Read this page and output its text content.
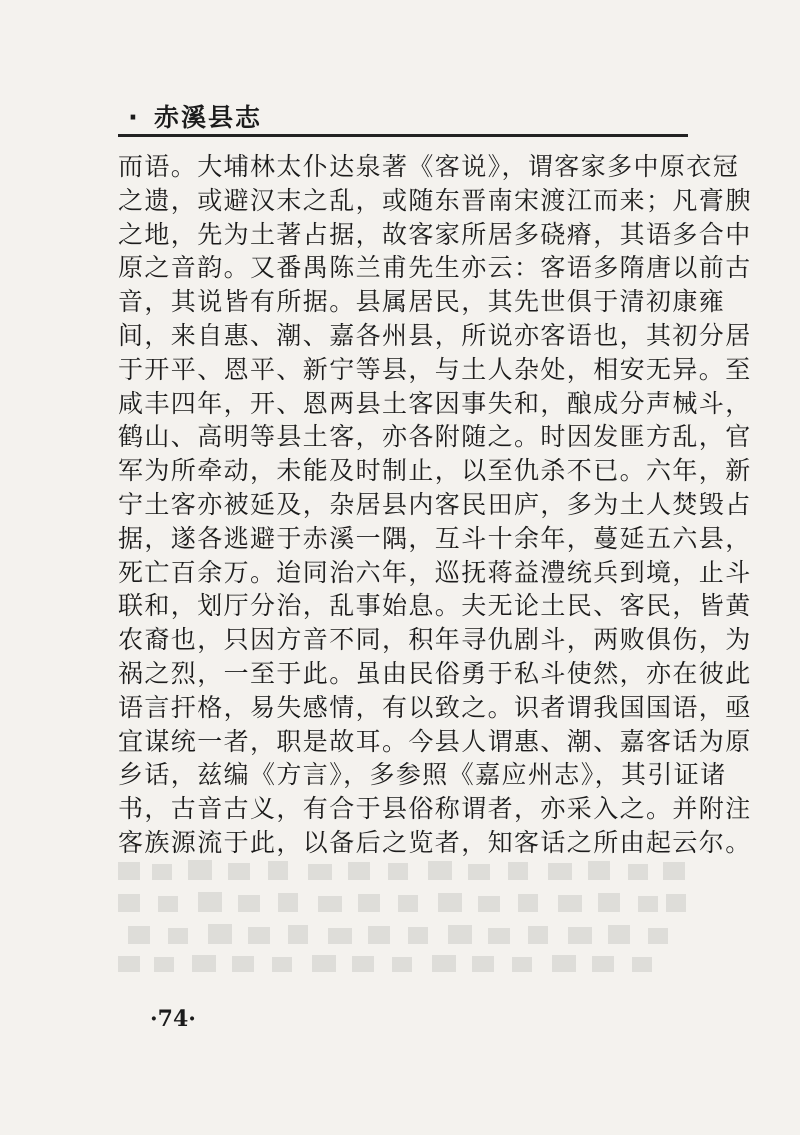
· 赤溪县志
而语。大埔林太仆达泉著《客说》，谓客家多中原衣冠
之遗，或避汉末之乱，或随东晋南宋渡江而来；凡膏腴
之地，先为土著占据，故客家所居多硗瘠，其语多合中
原之音韵。又番禺陈兰甫先生亦云：客语多隋唐以前古
音，其说皆有所据。县属居民，其先世俱于清初康雍
间，来自惠、潮、嘉各州县，所说亦客语也，其初分居
于开平、恩平、新宁等县，与土人杂处，相安无异。至
咸丰四年，开、恩两县土客因事失和，酿成分声械斗，
鹤山、高明等县土客，亦各附随之。时因发匪方乱，官
军为所牵动，未能及时制止，以至仇杀不已。六年，新
宁土客亦被延及，杂居县内客民田庐，多为土人焚毁占
据，遂各逃避于赤溪一隅，互斗十余年，蔓延五六县，
死亡百余万。迨同治六年，巡抚蒋益澧统兵到境，止斗
联和，划厅分治，乱事始息。夫无论土民、客民，皆黄
农裔也，只因方音不同，积年寻仇剧斗，两败俱伤，为
祸之烈，一至于此。虽由民俗勇于私斗使然，亦在彼此
语言扞格，易失感情，有以致之。识者谓我国国语，亟
宜谋统一者，职是故耳。今县人谓惠、潮、嘉客话为原
乡话，兹编《方言》，多参照《嘉应州志》，其引证诸
书，古音古义，有合于县俗称谓者，亦采入之。并附注
客族源流于此，以备后之览者，知客话之所由起云尔。
·74·
